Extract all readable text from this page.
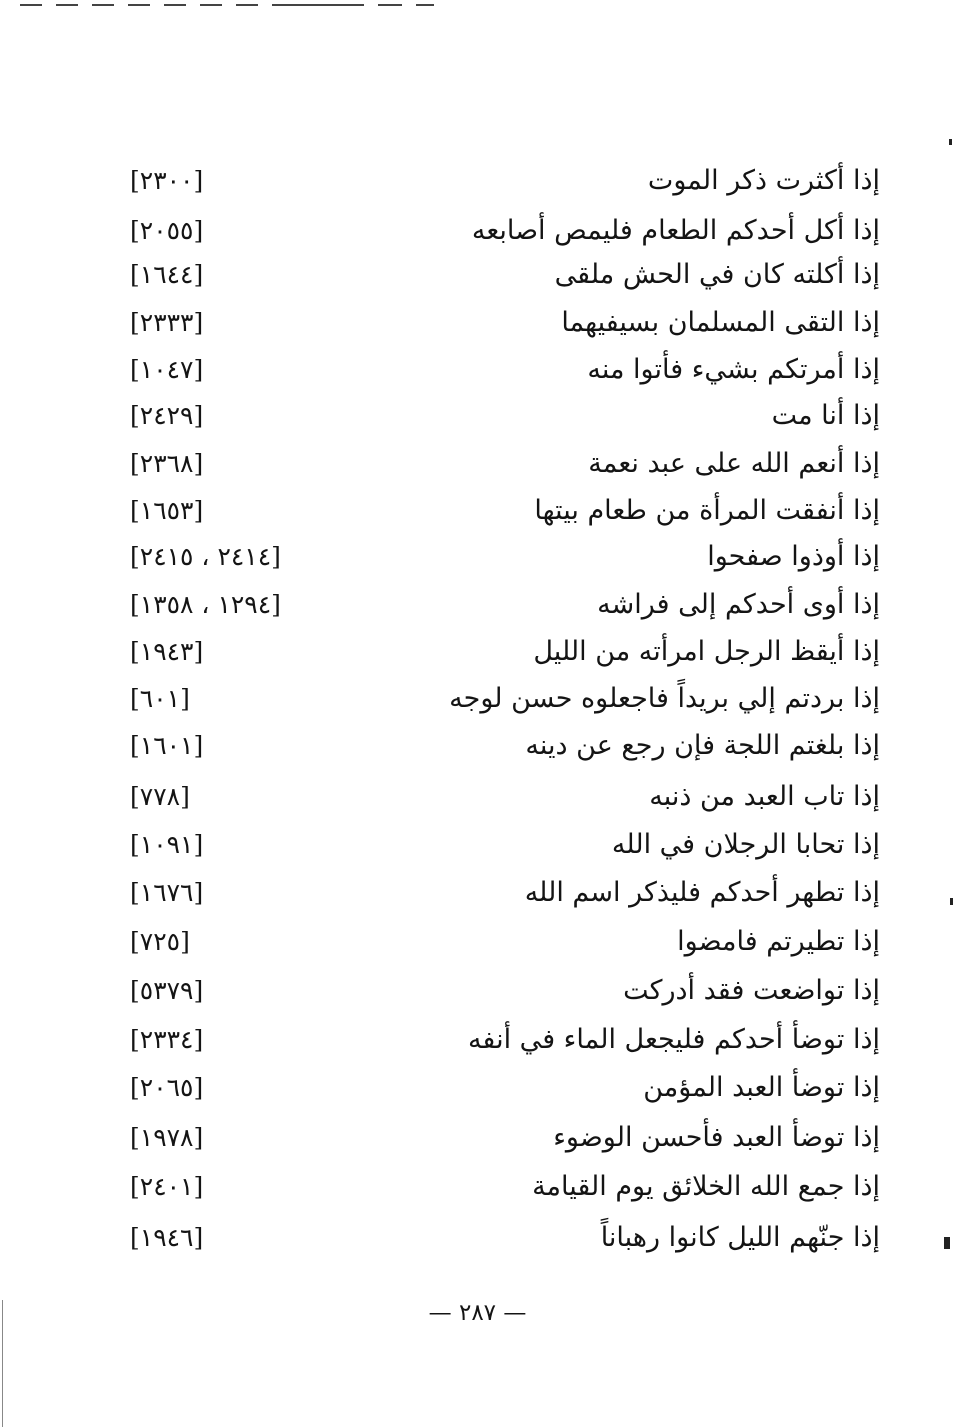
إذا أكثرت ذكر الموت
[٢٣٠٠]
إذا أكل أحدكم الطعام فليمص أصابعه
[٢٠٥٥]
إذا أكلته كان في الحش ملقى
[١٦٤٤]
إذا التقى المسلمان بسيفيهما
[٢٣٣٣]
إذا أمرتكم بشيء فأتوا منه
[١٠٤٧]
إذا أنا مت
[٢٤٢٩]
إذا أنعم الله على عبد نعمة
[٢٣٦٨]
إذا أنفقت المرأة من طعام بيتها
[١٦٥٣]
إذا أوذوا صفحوا
[٢٤١٤ ، ٢٤١٥]
إذا أوى أحدكم إلى فراشه
[١٢٩٤ ، ١٣٥٨]
إذا أيقظ الرجل امرأته من الليل
[١٩٤٣]
إذا بردتم إلي بريداً فاجعلوه حسن لوجه
[٦٠١]
إذا بلغتم اللجة فإن رجع عن دينه
[١٦٠١]
إذا تاب العبد من ذنبه
[٧٧٨]
إذا تحابا الرجلان في الله
[١٠٩١]
إذا تطهر أحدكم فليذكر اسم الله
[١٦٧٦]
إذا تطيرتم فامضوا
[٧٢٥]
إذا تواضعت فقد أدركت
[٥٣٧٩]
إذا توضأ أحدكم فليجعل الماء في أنفه
[٢٣٣٤]
إذا توضأ العبد المؤمن
[٢٠٦٥]
إذا توضأ العبد فأحسن الوضوء
[١٩٧٨]
إذا جمع الله الخلائق يوم القيامة
[٢٤٠١]
إذا جنّهم الليل كانوا رهباناً
[١٩٤٦]
— ٢٨٧ —
